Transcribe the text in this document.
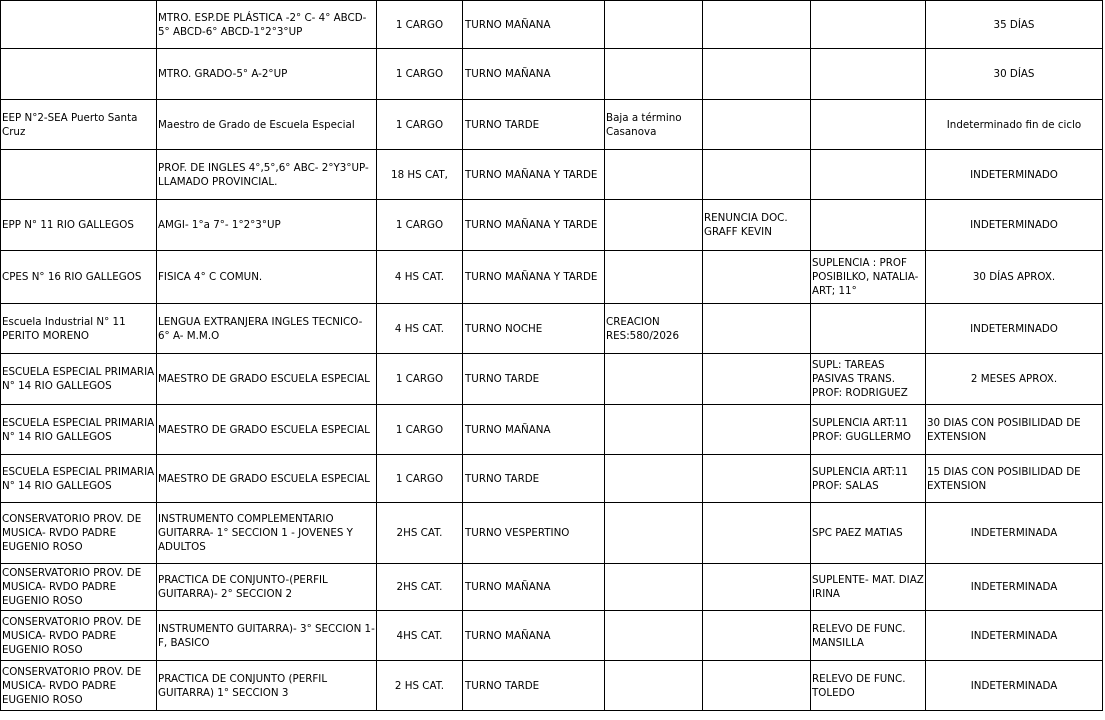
	MTRO. ESP.DE PLÁSTICA -2° C- 4° ABCD-5° ABCD-6° ABCD-1°2°3°UP	1 CARGO	TURNO MAÑANA				35 DÍAS
	MTRO. GRADO-5° A-2°UP	1 CARGO	TURNO MAÑANA				30 DÍAS
EEP N°2-SEA Puerto Santa Cruz	Maestro de Grado de Escuela Especial	1 CARGO	TURNO TARDE	Baja a término Casanova			Indeterminado fin de ciclo
	PROF. DE INGLES 4°,5°,6° ABC- 2°Y3°UP- LLAMADO PROVINCIAL.	18 HS CAT,	TURNO MAÑANA Y TARDE				INDETERMINADO
EPP N° 11 RIO GALLEGOS	AMGI- 1°a 7°- 1°2°3°UP	1 CARGO	TURNO MAÑANA Y TARDE		RENUNCIA DOC. GRAFF KEVIN		INDETERMINADO
CPES N° 16 RIO GALLEGOS	FISICA 4° C COMUN.	4 HS CAT.	TURNO MAÑANA Y TARDE			SUPLENCIA : PROF POSIBILKO, NATALIA- ART; 11°	30 DÍAS APROX.
Escuela Industrial N° 11 PERITO MORENO	LENGUA EXTRANJERA INGLES TECNICO- 6° A- M.M.O	4 HS CAT.	TURNO NOCHE	CREACION RES:580/2026			INDETERMINADO
ESCUELA ESPECIAL PRIMARIA N° 14 RIO GALLEGOS	MAESTRO DE GRADO ESCUELA ESPECIAL	1 CARGO	TURNO TARDE			SUPL: TAREAS PASIVAS TRANS. PROF: RODRIGUEZ	2 MESES APROX.
ESCUELA ESPECIAL PRIMARIA N° 14 RIO GALLEGOS	MAESTRO DE GRADO ESCUELA ESPECIAL	1 CARGO	TURNO MAÑANA			SUPLENCIA ART:11 PROF: GUGLLERMO	30 DIAS CON POSIBILIDAD DE EXTENSION
ESCUELA ESPECIAL PRIMARIA N° 14 RIO GALLEGOS	MAESTRO DE GRADO ESCUELA ESPECIAL	1 CARGO	TURNO TARDE			SUPLENCIA ART:11 PROF: SALAS	15 DIAS CON POSIBILIDAD DE EXTENSION
CONSERVATORIO PROV. DE MUSICA- RVDO PADRE EUGENIO ROSO	INSTRUMENTO COMPLEMENTARIO GUITARRA- 1° SECCION 1 - JOVENES Y ADULTOS	2HS CAT.	TURNO VESPERTINO			SPC PAEZ MATIAS	INDETERMINADA
CONSERVATORIO PROV. DE MUSICA- RVDO PADRE EUGENIO ROSO	PRACTICA DE CONJUNTO-(PERFIL GUITARRA)- 2° SECCION 2	2HS CAT.	TURNO MAÑANA			SUPLENTE- MAT. DIAZ IRINA	INDETERMINADA
CONSERVATORIO PROV. DE MUSICA- RVDO PADRE EUGENIO ROSO	INSTRUMENTO GUITARRA)- 3° SECCION 1- F, BASICO	4HS CAT.	TURNO MAÑANA			RELEVO DE FUNC. MANSILLA	INDETERMINADA
CONSERVATORIO PROV. DE MUSICA- RVDO PADRE EUGENIO ROSO	PRACTICA DE CONJUNTO (PERFIL GUITARRA) 1° SECCION 3	2 HS CAT.	TURNO TARDE			RELEVO DE FUNC. TOLEDO	INDETERMINADA
